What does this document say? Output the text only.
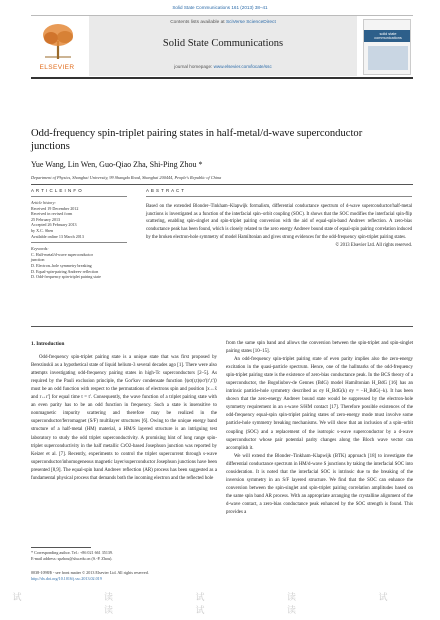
Solid State Communications 161 (2013) 38–41
ELSEVIER
Contents lists available at SciVerse ScienceDirect
Solid State Communications
journal homepage: www.elsevier.com/locate/ssc
solid state communications
Odd-frequency spin-triplet pairing states in half-metal/d-wave superconductor junctions
Yue Wang, Lin Wen, Guo-Qiao Zha, Shi-Ping Zhou *
Department of Physics, Shanghai University, 99 Shangda Road, Shanghai 200444, People's Republic of China
A R T I C L E I N F O
Article history:
Received 19 December 2012
Received in revised form
25 February 2013
Accepted 26 February 2013
by X.C. Shen
Available online 13 March 2013
Keywords:
C. Half-metal/d-wave superconductor
junction
D. Electron–hole symmetry breaking
D. Equal-spin-pairing Andreev reflection
D. Odd-frequency spin-triplet pairing state
A B S T R A C T
Based on the extended Blonder–Tinkham–Klapwijk formalism, differential conductance spectrum of d-wave superconductor/half-metal junctions is investigated as a function of the interfacial spin–orbit coupling (SOC). It shows that the SOC modifies the interfacial spin-flip scattering, enabling spin-singlet and spin-triplet pairing conversion with the aid of equal-spin-band Andreev reflection. A zero-bias conductance peak has been found, which is closely related to the zero energy Andreev bound state of equal-spin pairing correlation induced by the broken electron-hole symmetry of model Hamiltonian and gives strong evidences for the odd-frequency spin-triplet pairing states.
© 2013 Elsevier Ltd. All rights reserved.
1. Introduction
Odd-frequency spin-triplet pairing state is a unique state that was first proposed by Berezinskii as a hypothetical state of liquid helium-3 several decades ago [1]. There were also attempts investigating odd-frequency pairing states in high-Tc superconductors [2–5]. As required by the Pauli exclusion principle, the Gor'kov condensate function ⟨ψσ(r,t)ψσ'(r',t')⟩ must be an odd function with respect to the permutations of electrons spin and position [x↔x̄ and r↔r'] for equal time t = t'. Consequently, the wave function of a triplet pairing state with an even parity has to be an odd function in frequency. Such a state is insensitive to nonmagnetic impurity scattering and therefore may be realized in the superconductor/ferromagnet (S/F) multilayer structures [6]. Owing to the unique energy band structure of a half-metal (HM) material, a HM/S layered structure is an intriguing test laboratory to study the odd triplet superconductivity. A promising hint of long range spin-triplet superconductivity in the half metallic CrO2-based Josephson junction was reported by Keizer et al. [7]. Recently, experiments to control the triplet supercurrent through s-wave superconductor/inhomogeneous magnetic layer/superconductor Josephson junctions have been presented [8,9]. The equal-spin band Andreev reflection (AR) process has been suggested as a fundamental physical process that demands both the incoming electron and the reflected hole
from the same spin band and allows the conversion between the spin-triplet and spin-singlet pairing states [10–15].
An odd-frequency spin-triplet pairing state of even parity implies also the zero-energy excitation in the quasi-particle spectrum. Hence, one of the hallmarks of the odd-frequency spin-triplet pairing state is the existence of zero-bias conductance peak. In the BCS theory of a superconductor, the Bogoliubov-de Gennes (BdG) model Hamiltonian H_BdG [16] has an intrinsic particle-hole symmetry described as σy H_BdG(k) σy = −H_BdG(−k). It has been shown that the zero-energy Andreev bound state would be suppressed by the electron-hole symmetry requirement in an s-wave S/HM contact [17]. Therefore possible existences of the odd-frequency equal-spin spin-triplet pairing states of zero-energy mode must involve some particle-hole symmetry breaking mechanisms. We will show that an inclusion of a spin–orbit coupling (SOC) and a replacement of the isotropic s-wave superconductor by a d-wave superconductor whose pair potential parity changes along the Bloch wave vector can accomplish it.
We will extend the Blonder–Tinkham–Klapwijk (BTK) approach [18] to investigate the differential conductance spectrum in HM/d-wave S junctions by taking the interfacial SOC into consideration. It is noted that the interfacial SOC is intrinsic due to the breaking of the inversion symmetry in an S/F layered structure. We find that the SOC can enhance the conversion between the spin-singlet and spin-triplet pairing correlation amplitudes based on the same spin band AR process. With an appropriate arranging the crystalline alignment of the d-wave contact, a zero-bias conductance peak enhanced by the SOC strength is found. This provides a
* Corresponding author. Tel.: +86 021 661 35139.
E-mail address: spzhou@shu.edu.cn (S.-P. Zhou).
0038-1098/$ - see front matter © 2013 Elsevier Ltd. All rights reserved.
http://dx.doi.org/10.1016/j.ssc.2013.02.019
试 读 试 读 试 读 试 读
